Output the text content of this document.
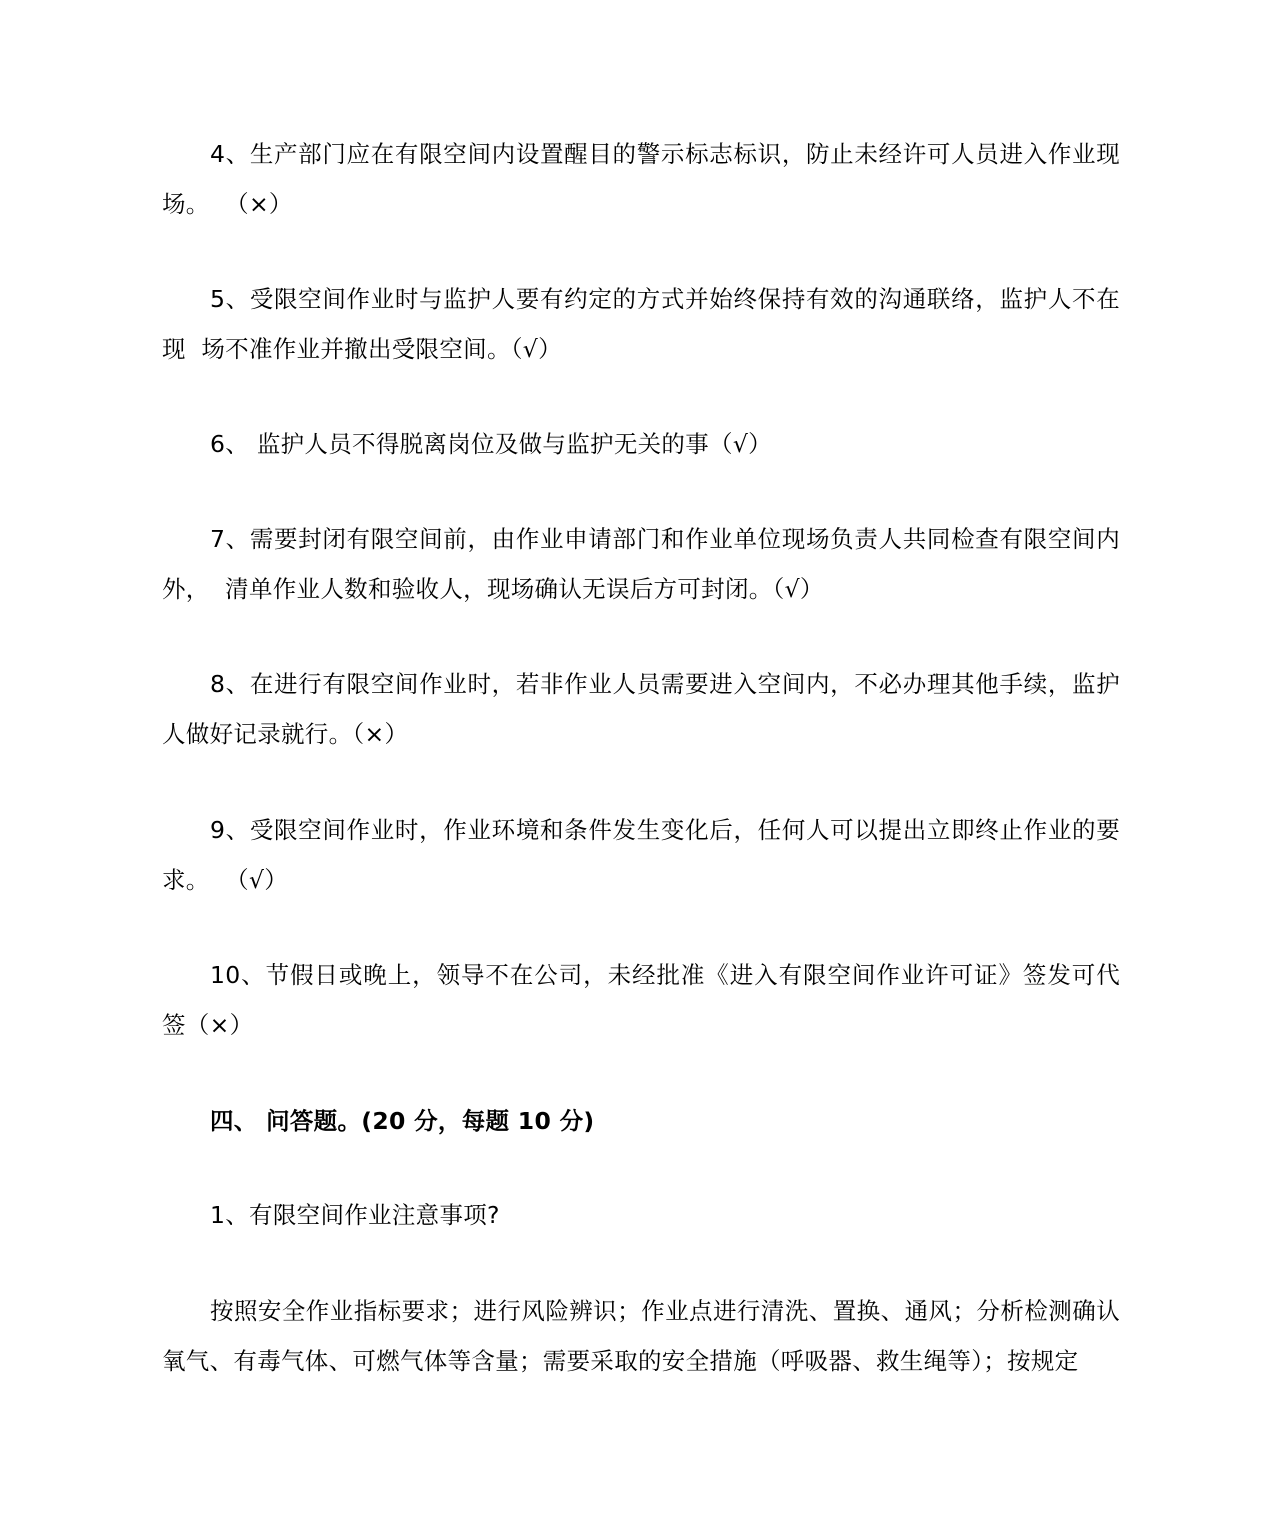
4、生产部门应在有限空间内设置醒目的警示标志标识，防止未经许可人员进入作业现场。  （×）

5、受限空间作业时与监护人要有约定的方式并始终保持有效的沟通联络，监护人不在现  场不准作业并撤出受限空间。（√）

6、 监护人员不得脱离岗位及做与监护无关的事（√）

7、需要封闭有限空间前，由作业申请部门和作业单位现场负责人共同检查有限空间内外，  清单作业人数和验收人，现场确认无误后方可封闭。（√）

8、在进行有限空间作业时，若非作业人员需要进入空间内，不必办理其他手续，监护人做好记录就行。（×）

9、受限空间作业时，作业环境和条件发生变化后，任何人可以提出立即终止作业的要求。  （√）

10、节假日或晚上，领导不在公司，未经批准《进入有限空间作业许可证》签发可代签（×）

四、 问答题。(20 分，每题 10 分)

1、有限空间作业注意事项?

按照安全作业指标要求；进行风险辨识；作业点进行清洗、置换、通风；分析检测确认氧气、有毒气体、可燃气体等含量；需要采取的安全措施（呼吸器、救生绳等）；按规定
